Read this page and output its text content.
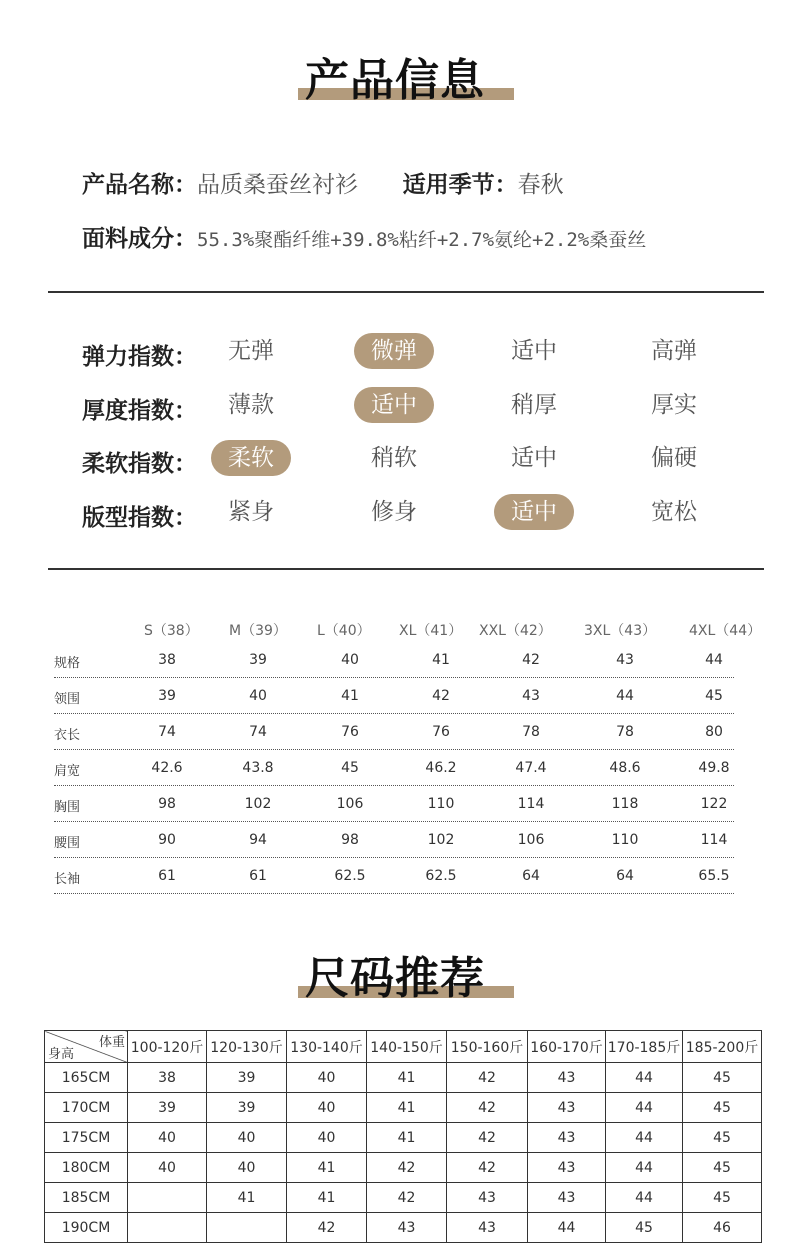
产品信息
产品名称：品质桑蚕丝衬衫 适用季节：春秋
面料成分：55.3%聚酯纤维+39.8%粘纤+2.7%氨纶+2.2%桑蚕丝
弹力指数：	无弹	微弹	适中	高弹
厚度指数：	薄款	适中	稍厚	厚实
柔软指数：	柔软	稍软	适中	偏硬
版型指数：	紧身	修身	适中	宽松
S（38） M（39） L（40） XL（41） XXL（42） 3XL（43） 4XL（44）
规格	38	39	40	41	42	43	44
领围	39	40	41	42	43	44	45
衣长	74	74	76	76	78	78	80
肩宽	42.6	43.8	45	46.2	47.4	48.6	49.8
胸围	98	102	106	110	114	118	122
腰围	90	94	98	102	106	110	114
长袖	61	61	62.5	62.5	64	64	65.5
尺码推荐
体重
身高	100-120斤	120-130斤	130-140斤	140-150斤	150-160斤	160-170斤	170-185斤	185-200斤
165CM	38	39	40	41	42	43	44	45
170CM	39	39	40	41	42	43	44	45
175CM	40	40	40	41	42	43	44	45
180CM	40	40	41	42	42	43	44	45
185CM		41	41	42	43	43	44	45
190CM			42	43	43	44	45	46
